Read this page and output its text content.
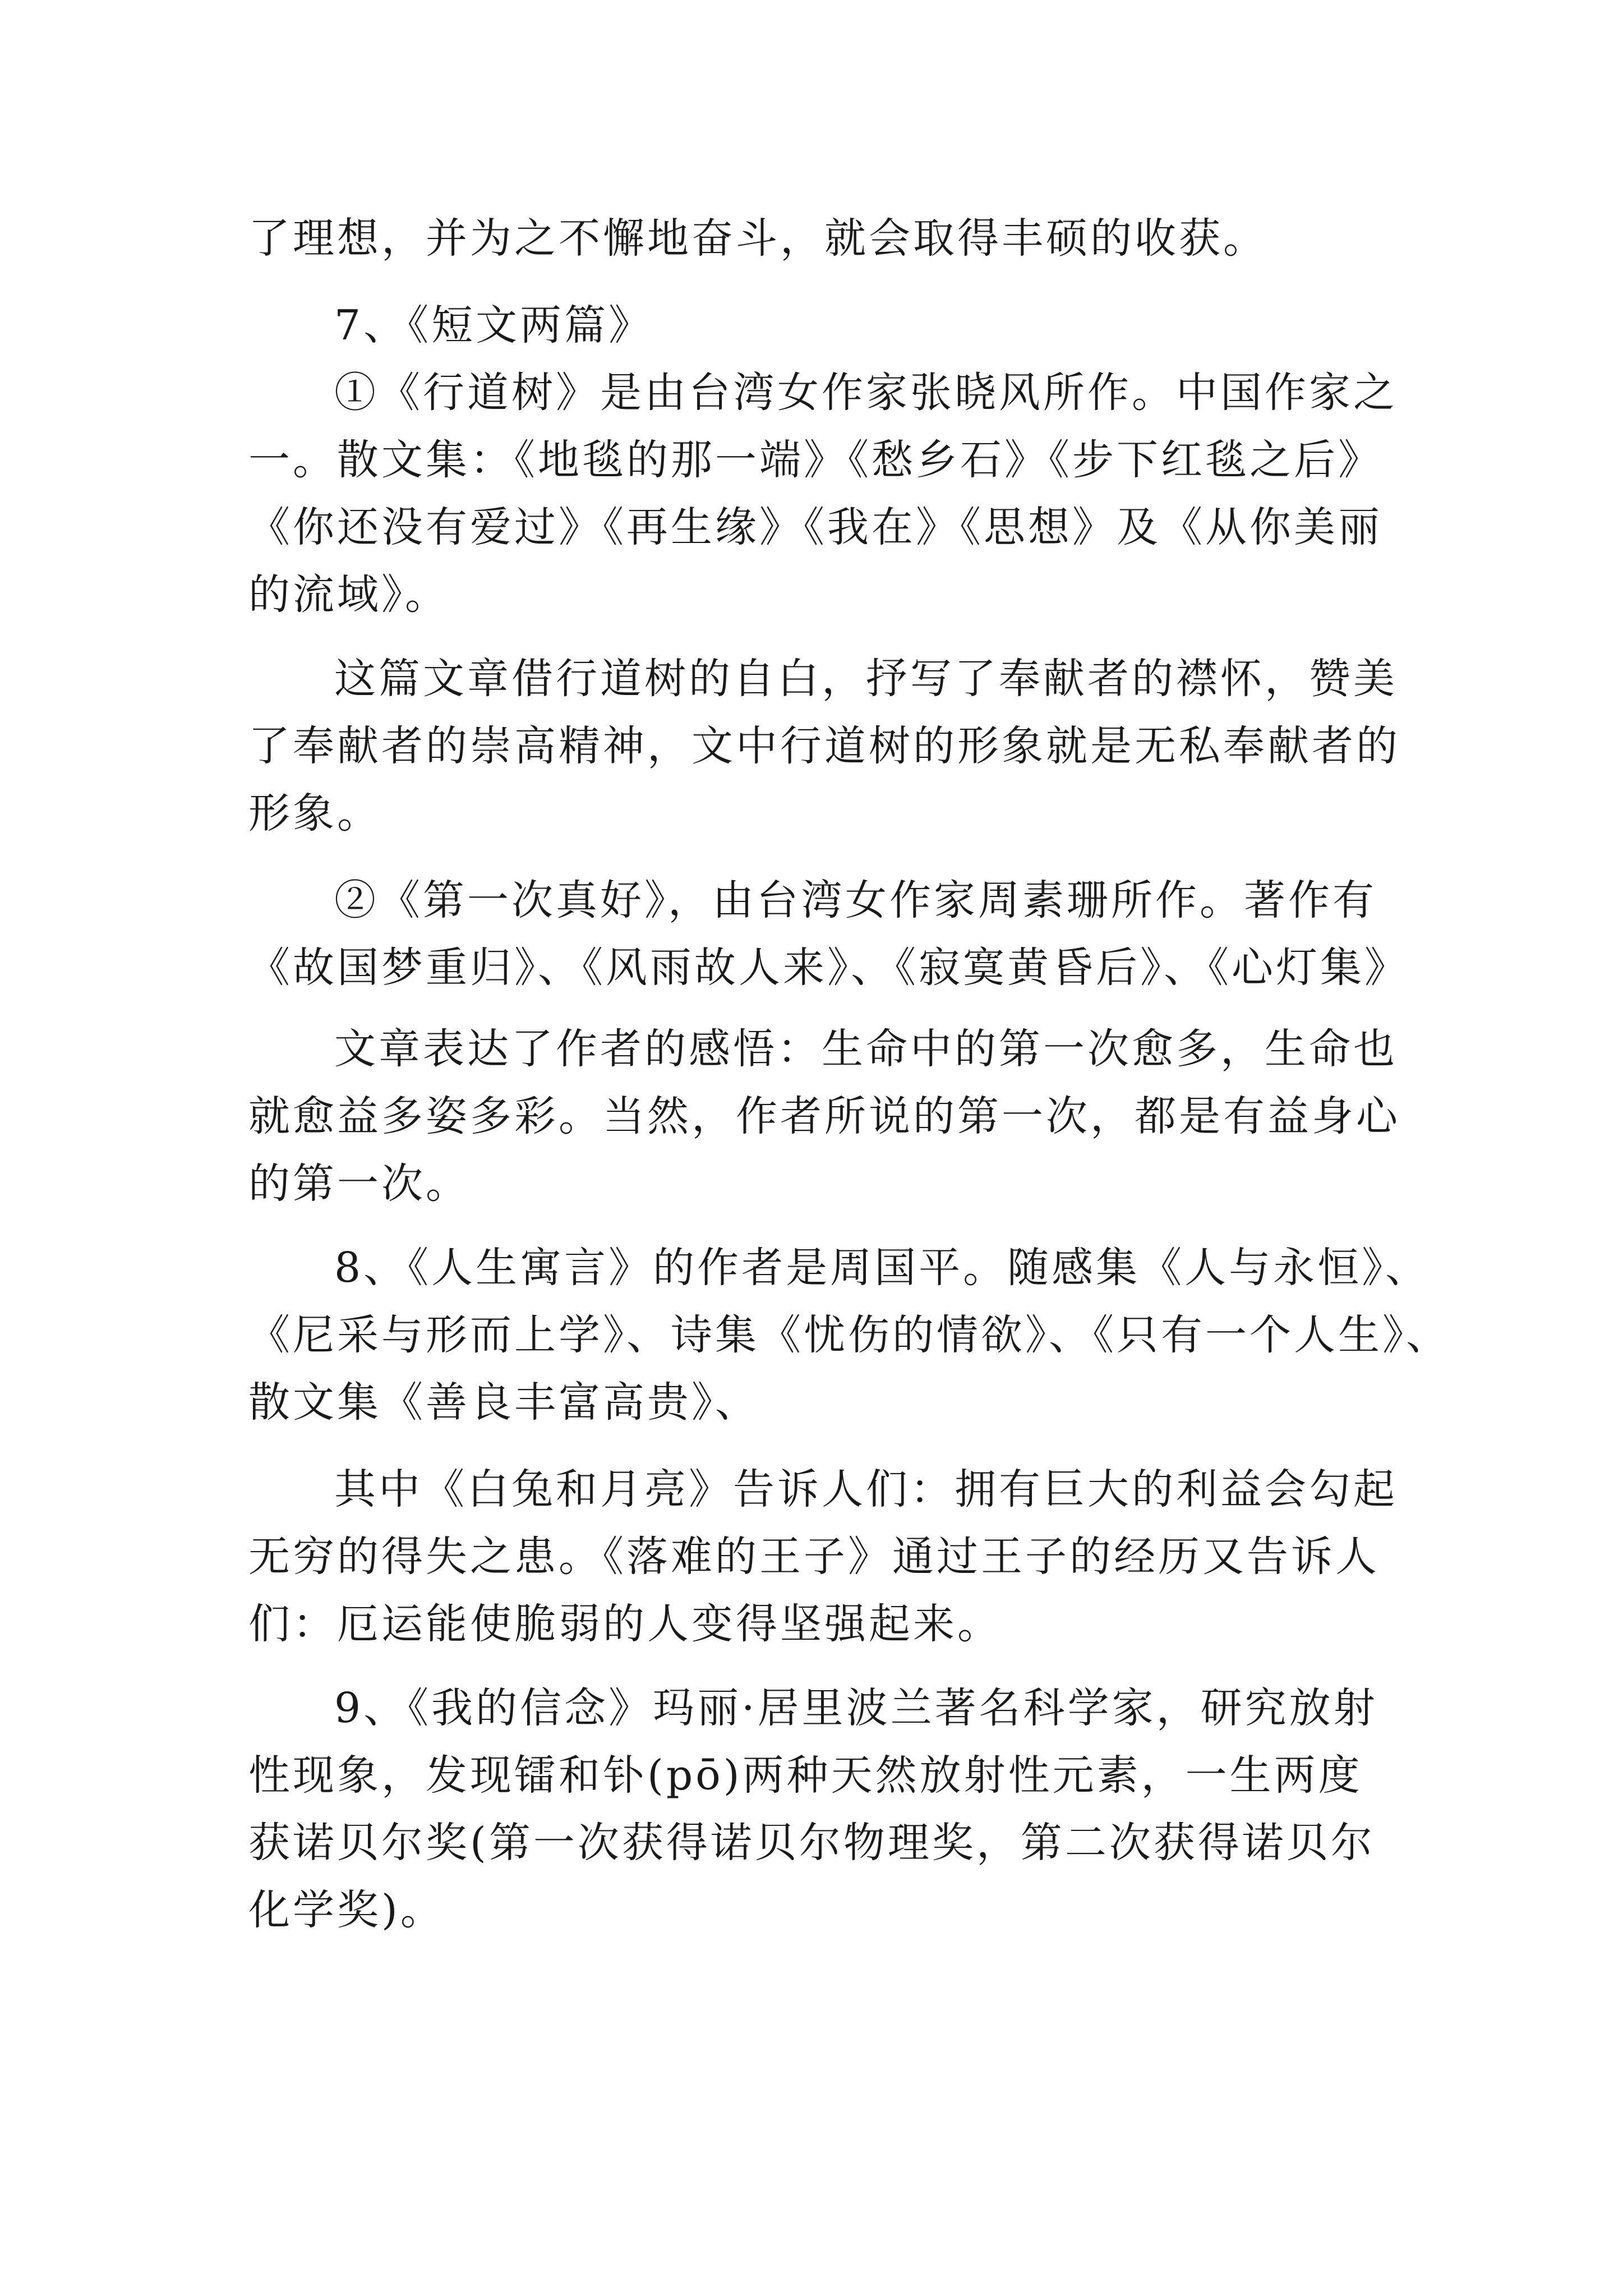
了理想，并为之不懈地奋斗，就会取得丰硕的收获。

7、《短文两篇》

①《行道树》是由台湾女作家张晓风所作。中国作家之

一。散文集：《地毯的那一端》《愁乡石》《步下红毯之后》

《你还没有爱过》《再生缘》《我在》《思想》及《从你美丽

的流域》。

这篇文章借行道树的自白，抒写了奉献者的襟怀，赞美

了奉献者的崇高精神，文中行道树的形象就是无私奉献者的

形象。

②《第一次真好》，由台湾女作家周素珊所作。著作有

《故国梦重归》、《风雨故人来》、《寂寞黄昏后》、《心灯集》

文章表达了作者的感悟：生命中的第一次愈多，生命也

就愈益多姿多彩。当然，作者所说的第一次，都是有益身心

的第一次。

8、《人生寓言》的作者是周国平。随感集《人与永恒》、

《尼采与形而上学》、诗集《忧伤的情欲》、《只有一个人生》、

散文集《善良丰富高贵》、

其中《白兔和月亮》告诉人们：拥有巨大的利益会勾起

无穷的得失之患。《落难的王子》通过王子的经历又告诉人

们：厄运能使脆弱的人变得坚强起来。

9、《我的信念》玛丽·居里波兰著名科学家，研究放射

性现象，发现镭和钋(pō)两种天然放射性元素，一生两度

获诺贝尔奖(第一次获得诺贝尔物理奖，第二次获得诺贝尔

化学奖)。
